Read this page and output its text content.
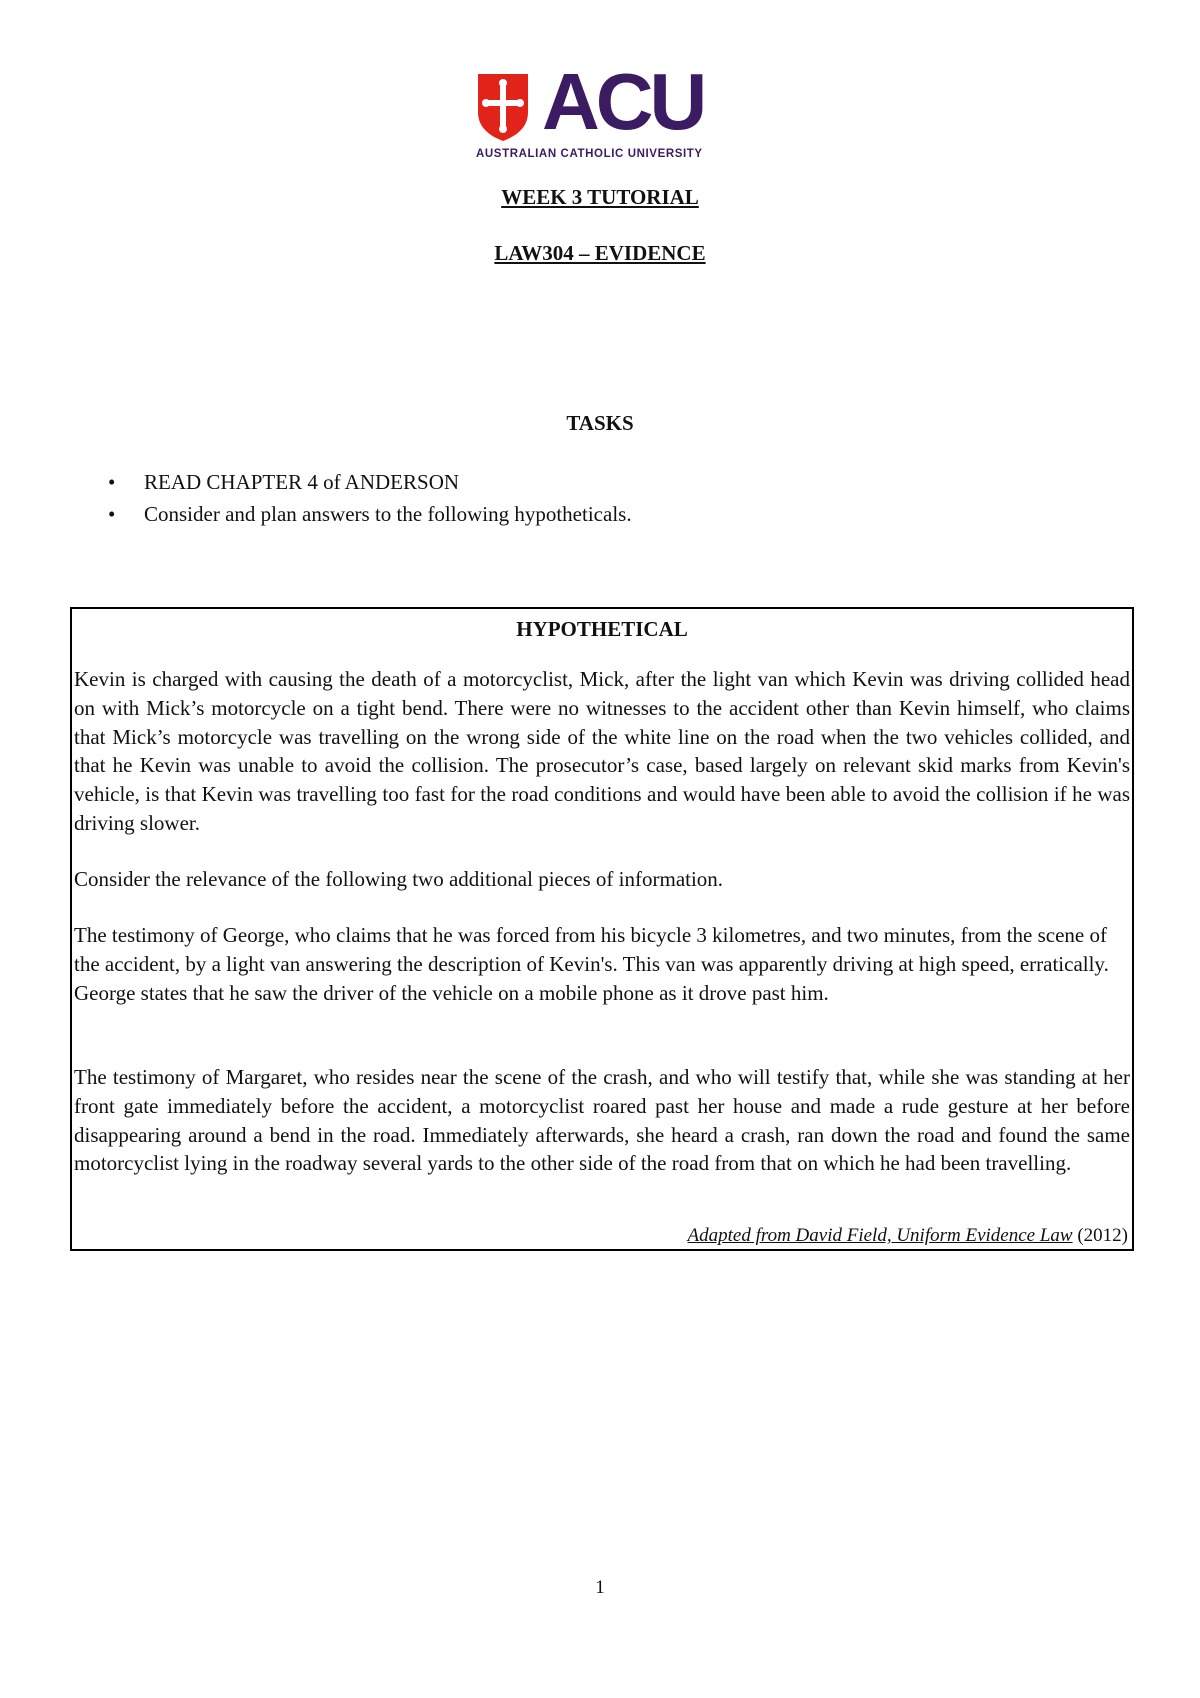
ACU
AUSTRALIAN CATHOLIC UNIVERSITY
WEEK 3 TUTORIAL
LAW304 – EVIDENCE
TASKS
• READ CHAPTER 4 of ANDERSON
• Consider and plan answers to the following hypotheticals.
HYPOTHETICAL

Kevin is charged with causing the death of a motorcyclist, Mick, after the light van which Kevin was driving collided head on with Mick’s motorcycle on a tight bend. There were no witnesses to the accident other than Kevin himself, who claims that Mick’s motorcycle was travelling on the wrong side of the white line on the road when the two vehicles collided, and that he Kevin was unable to avoid the collision. The prosecutor’s case, based largely on relevant skid marks from Kevin's vehicle, is that Kevin was travelling too fast for the road conditions and would have been able to avoid the collision if he was driving slower.

Consider the relevance of the following two additional pieces of information.

The testimony of George, who claims that he was forced from his bicycle 3 kilometres, and two minutes, from the scene of the accident, by a light van answering the description of Kevin's. This van was apparently driving at high speed, erratically. George states that he saw the driver of the vehicle on a mobile phone as it drove past him.

The testimony of Margaret, who resides near the scene of the crash, and who will testify that, while she was standing at her front gate immediately before the accident, a motorcyclist roared past her house and made a rude gesture at her before disappearing around a bend in the road. Immediately afterwards, she heard a crash, ran down the road and found the same motorcyclist lying in the roadway several yards to the other side of the road from that on which he had been travelling.

Adapted from David Field, Uniform Evidence Law (2012)
1
